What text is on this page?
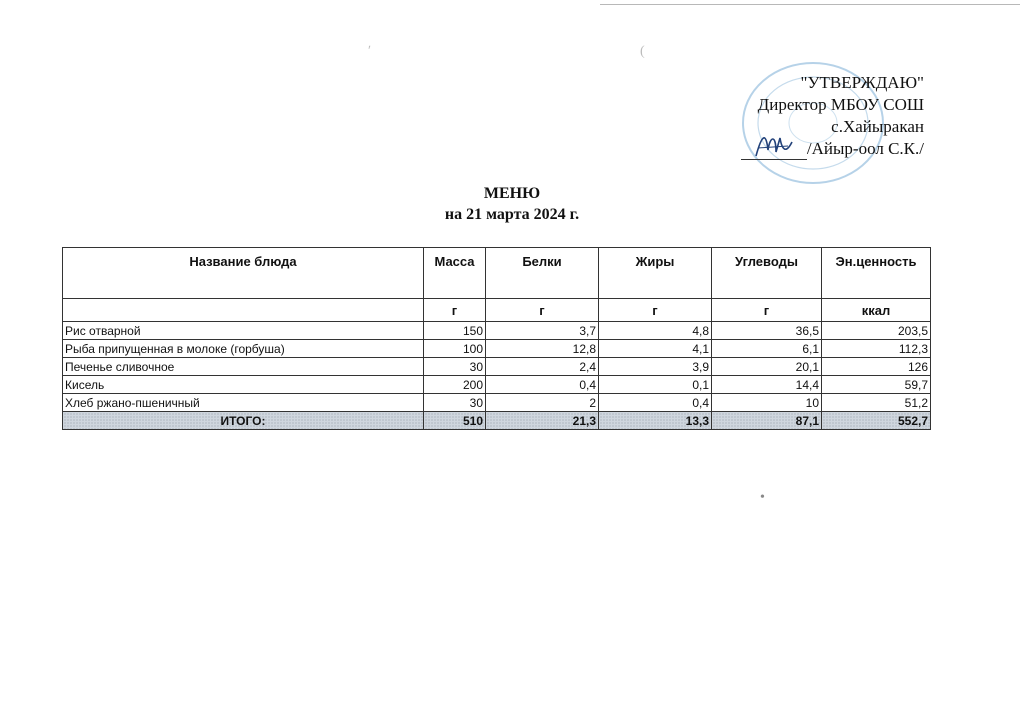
ʹ	(
•
"УТВЕРЖДАЮ"
Директор МБОУ СОШ
с.Хайыракан
/Айыр-оол С.К./
МЕНЮ
на 21 марта 2024 г.
Название блюда	Масса	Белки	Жиры	Углеводы	Эн.ценность
	г	г	г	г	ккал
Рис отварной	150	3,7	4,8	36,5	203,5
Рыба припущенная в молоке (горбуша)	100	12,8	4,1	6,1	112,3
Печенье сливочное	30	2,4	3,9	20,1	126
Кисель	200	0,4	0,1	14,4	59,7
Хлеб ржано-пшеничный	30	2	0,4	10	51,2
ИТОГО:	510	21,3	13,3	87,1	552,7
